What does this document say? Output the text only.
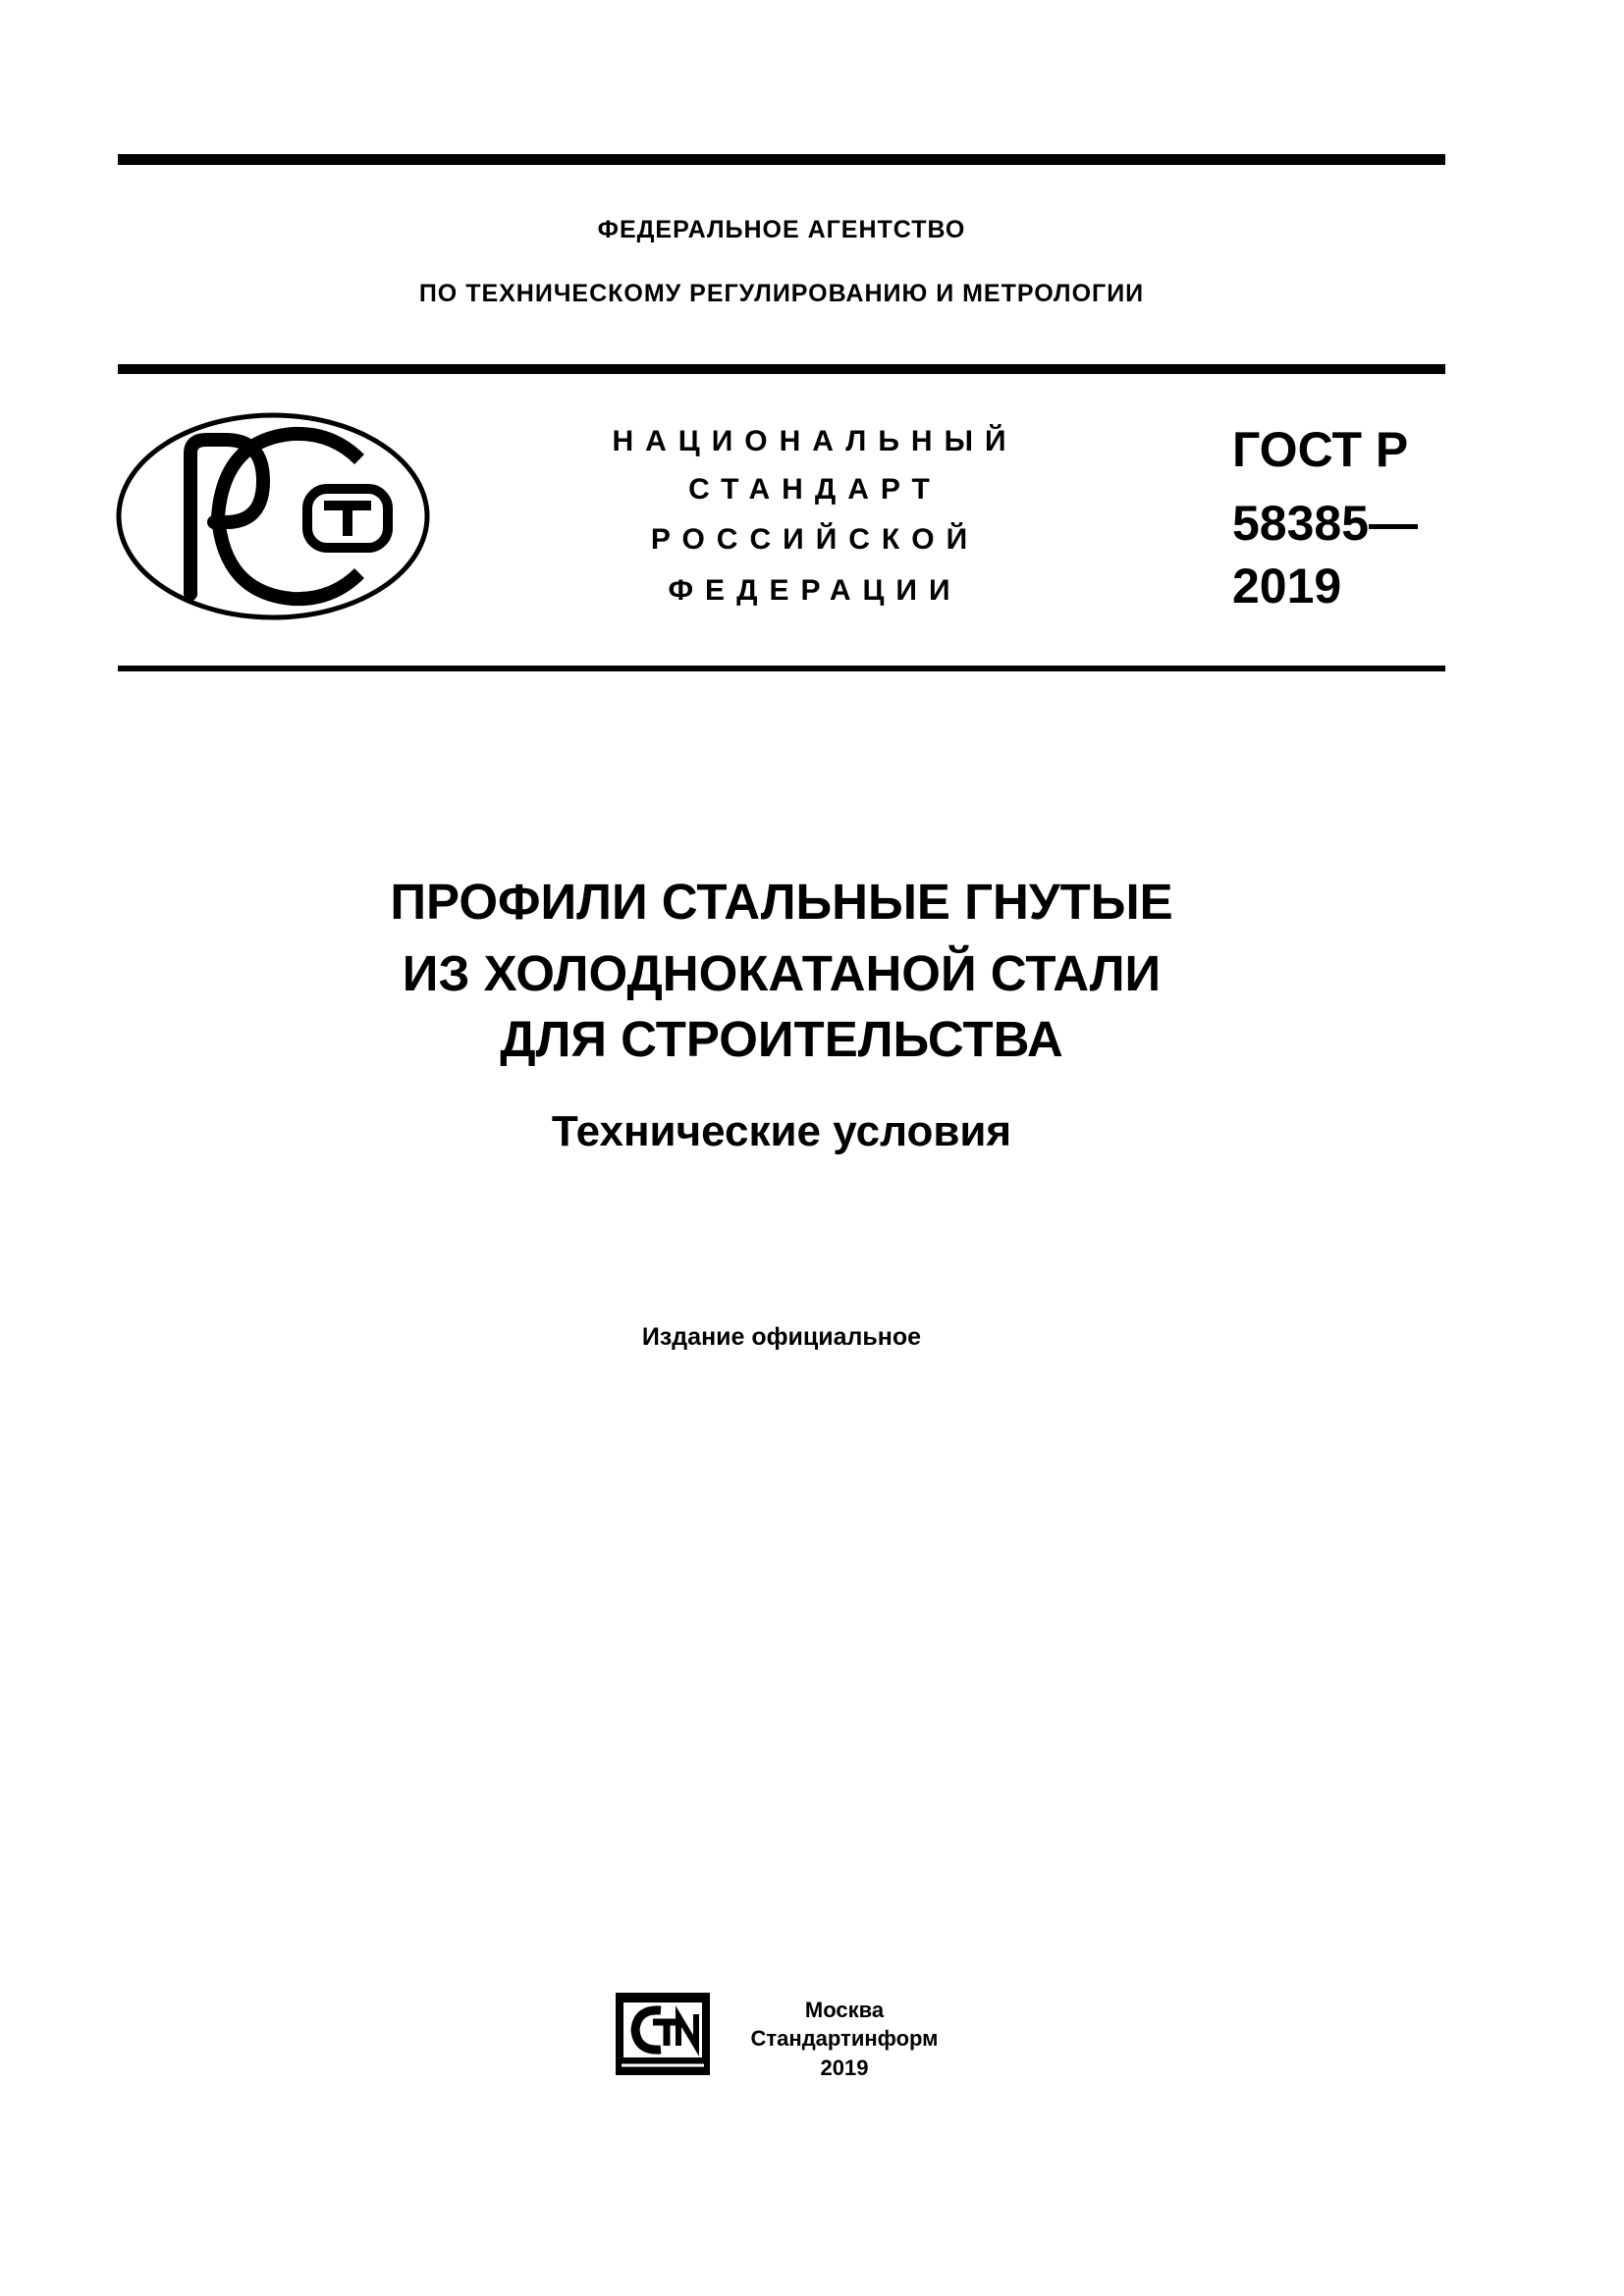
ФЕДЕРАЛЬНОЕ АГЕНТСТВО
ПО ТЕХНИЧЕСКОМУ РЕГУЛИРОВАНИЮ И МЕТРОЛОГИИ
НАЦИОНАЛЬНЫЙ
СТАНДАРТ
РОССИЙСКОЙ
ФЕДЕРАЦИИ
ГОСТ Р
58385—
2019
ПРОФИЛИ СТАЛЬНЫЕ ГНУТЫЕ
ИЗ ХОЛОДНОКАТАНОЙ СТАЛИ
ДЛЯ СТРОИТЕЛЬСТВА
Технические условия
Издание официальное
Москва
Стандартинформ
2019
